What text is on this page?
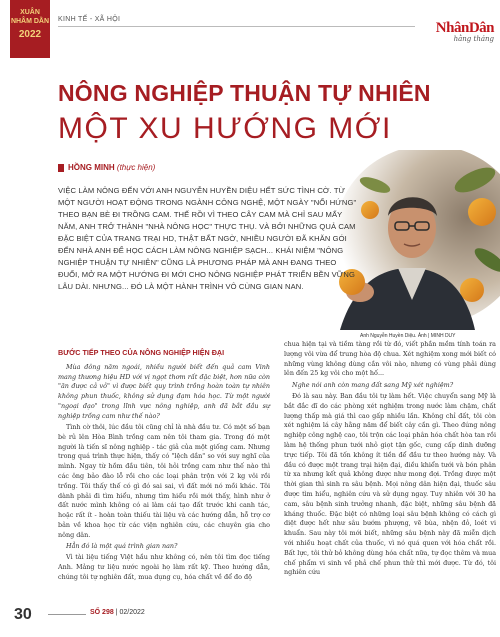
XUÂN
NHÂM DẦN
2022
KINH TẾ - XÃ HỘI
NhânDân
hằng tháng
NÔNG NGHIỆP THUẬN TỰ NHIÊN
MỘT XU HƯỚNG MỚI
HỒNG MINH (thực hiện)
VIỆC LÀM NÔNG ĐẾN VỚI ANH NGUYỄN HUYỀN DIỆU HẾT SỨC TÌNH CỜ. TỪ MỘT NGƯỜI HOẠT ĐỘNG TRONG NGÀNH CÔNG NGHỆ, MỘT NGÀY "NỔI HỨNG" THEO BẠN BÈ ĐI TRỒNG CAM. THẾ RỒI VÌ THEO CÂY CAM MÀ CHỈ SAU MẤY NĂM, ANH TRỞ THÀNH "NHÀ NÔNG HỌC" THỰC THỤ. VÀ BỞI NHỮNG QUẢ CAM ĐẶC BIỆT CỦA TRANG TRẠI HD, THẬT BẤT NGỜ, NHIỀU NGƯỜI ĐÃ KHĂN GÓI ĐẾN NHÀ ANH ĐỂ HỌC CÁCH LÀM NÔNG NGHIỆP SẠCH... KHÁI NIỆM "NÔNG NGHIỆP THUẬN TỰ NHIÊN" CŨNG LÀ PHƯƠNG PHÁP MÀ ANH ĐANG THEO ĐUỔI, MỞ RA MỘT HƯỚNG ĐI MỚI CHO NÔNG NGHIỆP PHÁT TRIỂN BỀN VỮNG LÂU DÀI. NHƯNG... ĐÓ LÀ MỘT HÀNH TRÌNH VÔ CÙNG GIAN NAN.
Anh Nguyễn Huyền Diệu. Ảnh | MINH DUY
BƯỚC TIẾP THEO CỦA NÔNG NGHIỆP HIỆN ĐẠI

Mùa đông năm ngoái, nhiều người biết đến quả cam Vinh mang thương hiệu HD với vị ngọt thơm rất đặc biệt, hơn nữa còn "ăn được cả vỏ" vì được biết quy trình trồng hoàn toàn tự nhiên không phun thuốc, không sử dụng đạm hóa học. Từ một người "ngoại đạo" trong lĩnh vực nông nghiệp, anh đã bắt đầu sự nghiệp trồng cam như thế nào?

Tình cờ thôi, lúc đầu tôi cũng chỉ là nhà đầu tư. Có một số bạn bè rủ lên Hòa Bình trồng cam nên tôi tham gia. Trong đó một người là tiến sĩ nông nghiệp - tác giả của một giống cam. Nhưng trong quá trình thực hiện, thấy có "lệch dần" so với suy nghĩ của mình. Ngay từ hồm đầu tiên, tôi hỏi trồng cam như thế nào thì các ông bảo đào lỗ rồi cho các loại phân trộn với 2 kg vôi rồi trồng. Tôi thấy thế có gì đó sai sai, vì đất mới nó mồi khác. Tôi dành phải đi tìm hiểu, nhưng tìm hiểu rồi mới thấy, hình như ở đất nước mình không có ai làm cái tạo đất trước khi canh tác, hoặc rất ít - hoàn toàn thiếu tài liệu và các hướng dẫn, hỗ trợ cơ bản về khoa học từ các viện nghiên cứu, các chuyên gia cho nông dân.

Hẳn đó là một quá trình gian nan?

Vì tài liệu tiếng Việt hầu như không có, nên tôi tìm đọc tiếng Anh. Mảng tư liệu nước ngoài họ làm rất kỹ. Theo hướng dẫn, chúng tôi tự nghiên đất, mua dụng cụ, hóa chất về để đo độ

chua hiện tại và tiềm tàng rồi từ đó, viết phần mềm tính toán ra lượng vôi vừa để trung hòa độ chua. Xét nghiệm xong mới biết có những vùng không dùng cần vôi nào, nhưng có vùng phải dùng lên đến 25 kg vôi cho một hố...

Nghe nói anh còn mang đất sang Mỹ xét nghiệm?

Đó là sau này. Ban đầu tôi tự làm hết. Việc chuyển sang Mỹ là bắt đắc dĩ do các phòng xét nghiệm trong nước làm chậm, chất lượng thấp mà giá thì cao gấp nhiều lần. Không chỉ đất, tôi còn xét nghiệm lá cây hằng năm để biết cây cần gì. Theo đúng nông nghiệp công nghệ cao, tôi trộn các loại phân hóa chất hòa tan rồi làm hệ thống phun tưới nhỏ giọt tận gốc, cung cấp dinh dưỡng trực tiếp. Tôi đã tốn không ít tiền để đầu tư theo hướng này. Và đầu có được một trang trại hiện đại, điều khiển tưới và bón phân từ xa nhưng kết quả không được như mong đợi. Trồng được một thời gian thì sinh ra sâu bệnh. Mọi nông dân hiện đại, thuốc sâu được tìm hiểu, nghiên cứu và sử dụng ngay. Tuy nhiên với 30 ha cam, sâu bệnh sinh trưởng nhanh, đặc biệt, những sâu bệnh đã kháng thuốc. Đặc biệt có những loại sâu bệnh không có cách gì diệt được hết như sâu bướm phượng, vẽ bùa, nhện đỏ, loét vi khuẩn. Sau này tôi mới biết, những sâu bệnh này đã miễn dịch với nhiều hoạt chất của thuốc, vì nó quá quen với hóa chất rồi. Bất lực, tôi thử bỏ không dùng hóa chất nữa, tự đọc thêm và mua chế phẩm vi sinh về phả chế phun thử thì mới được. Từ đó, tôi nghiên cứu

30	SỐ 298 | 02/2022
